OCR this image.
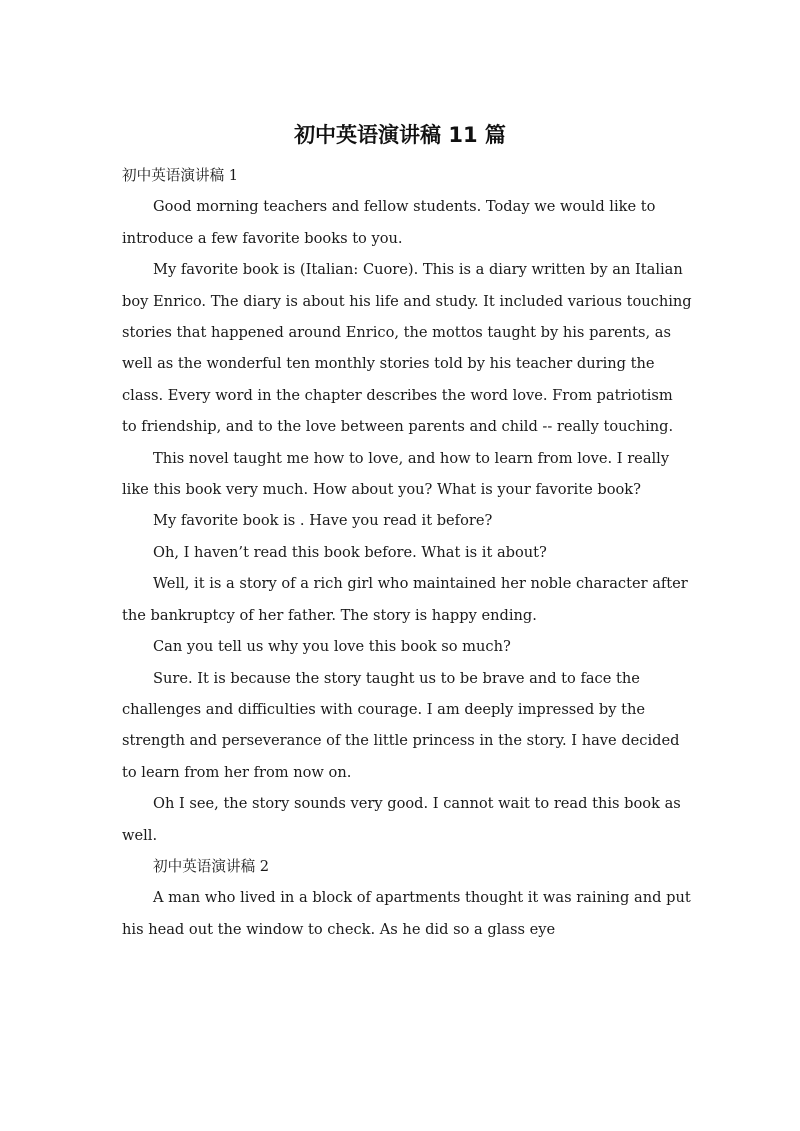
初中英语演讲稿 11 篇

初中英语演讲稿 1

Good morning teachers and fellow students. Today we would like to introduce a few favorite books to you.

My favorite book is (Italian: Cuore). This is a diary written by an Italian boy Enrico. The diary is about his life and study. It included various touching stories that happened around Enrico, the mottos taught by his parents, as well as the wonderful ten monthly stories told by his teacher during the class. Every word in the chapter describes the word love. From patriotism to friendship, and to the love between parents and child -- really touching.

This novel taught me how to love, and how to learn from love. I really like this book very much. How about you? What is your favorite book?

My favorite book is . Have you read it before?

Oh, I haven’t read this book before. What is it about?

Well, it is a story of a rich girl who maintained her noble character after the bankruptcy of her father. The story is happy ending.

Can you tell us why you love this book so much?

Sure. It is because the story taught us to be brave and to face the challenges and difficulties with courage. I am deeply impressed by the strength and perseverance of the little princess in the story. I have decided to learn from her from now on.

Oh I see, the story sounds very good. I cannot wait to read this book as well.

初中英语演讲稿 2

A man who lived in a block of apartments thought it was raining and put his head out the window to check. As he did so a glass eye
